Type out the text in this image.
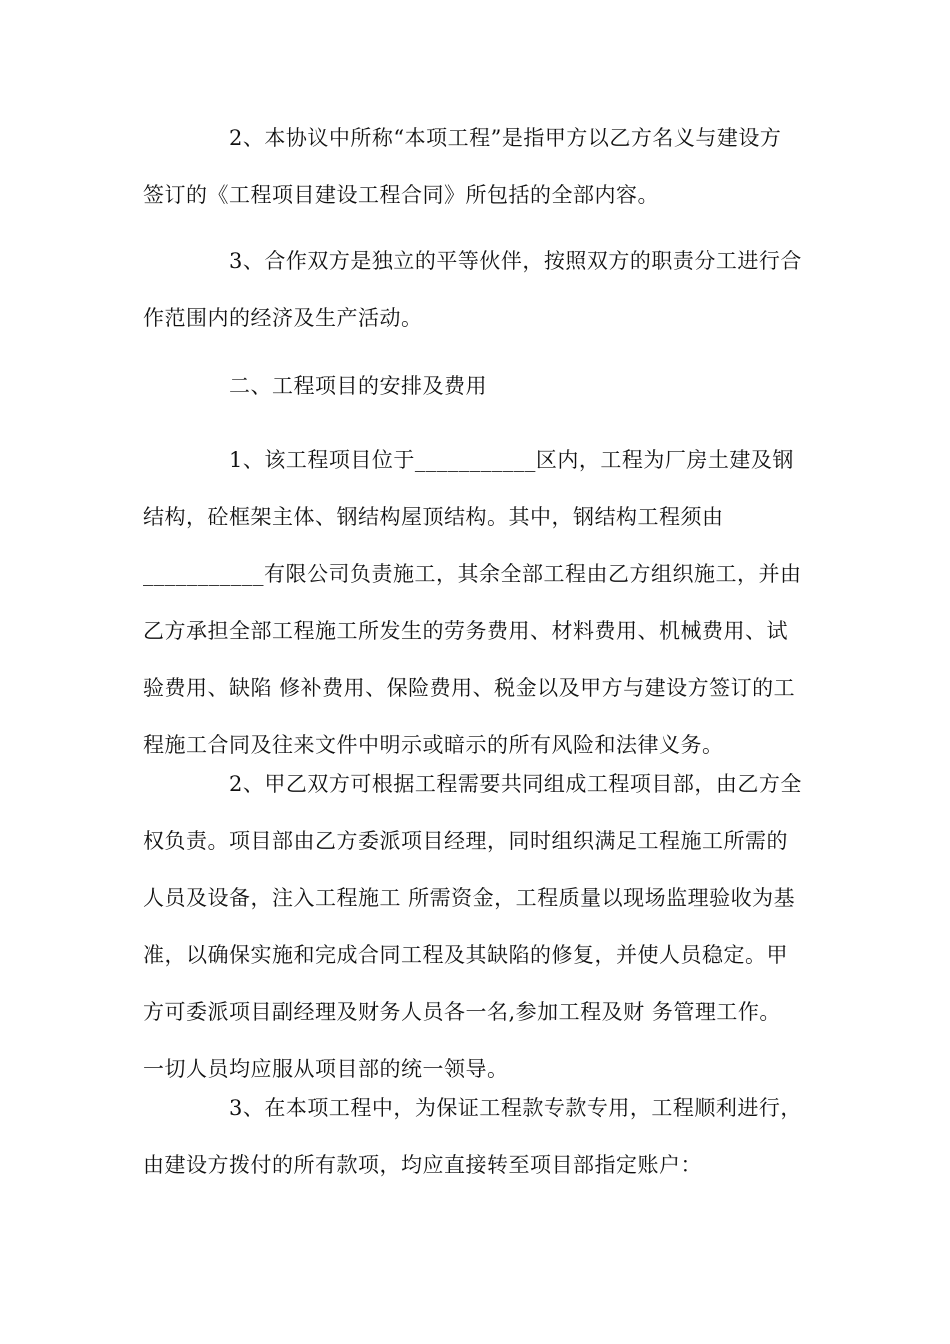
2、本协议中所称“本项工程”是指甲方以乙方名义与建设方
签订的《工程项目建设工程合同》所包括的全部内容。

3、合作双方是独立的平等伙伴，按照双方的职责分工进行合
作范围内的经济及生产活动。

二、工程项目的安排及费用

1、该工程项目位于___________区内，工程为厂房土建及钢
结构，砼框架主体、钢结构屋顶结构。其中，钢结构工程须由
___________有限公司负责施工，其余全部工程由乙方组织施工，并由
乙方承担全部工程施工所发生的劳务费用、材料费用、机械费用、试
验费用、缺陷 修补费用、保险费用、税金以及甲方与建设方签订的工
程施工合同及往来文件中明示或暗示的所有风险和法律义务。

2、甲乙双方可根据工程需要共同组成工程项目部，由乙方全
权负责。项目部由乙方委派项目经理，同时组织满足工程施工所需的
人员及设备，注入工程施工 所需资金，工程质量以现场监理验收为基
准，以确保实施和完成合同工程及其缺陷的修复，并使人员稳定。甲
方可委派项目副经理及财务人员各一名,参加工程及财 务管理工作。
一切人员均应服从项目部的统一领导。

3、在本项工程中，为保证工程款专款专用，工程顺利进行，
由建设方拨付的所有款项，均应直接转至项目部指定账户：
